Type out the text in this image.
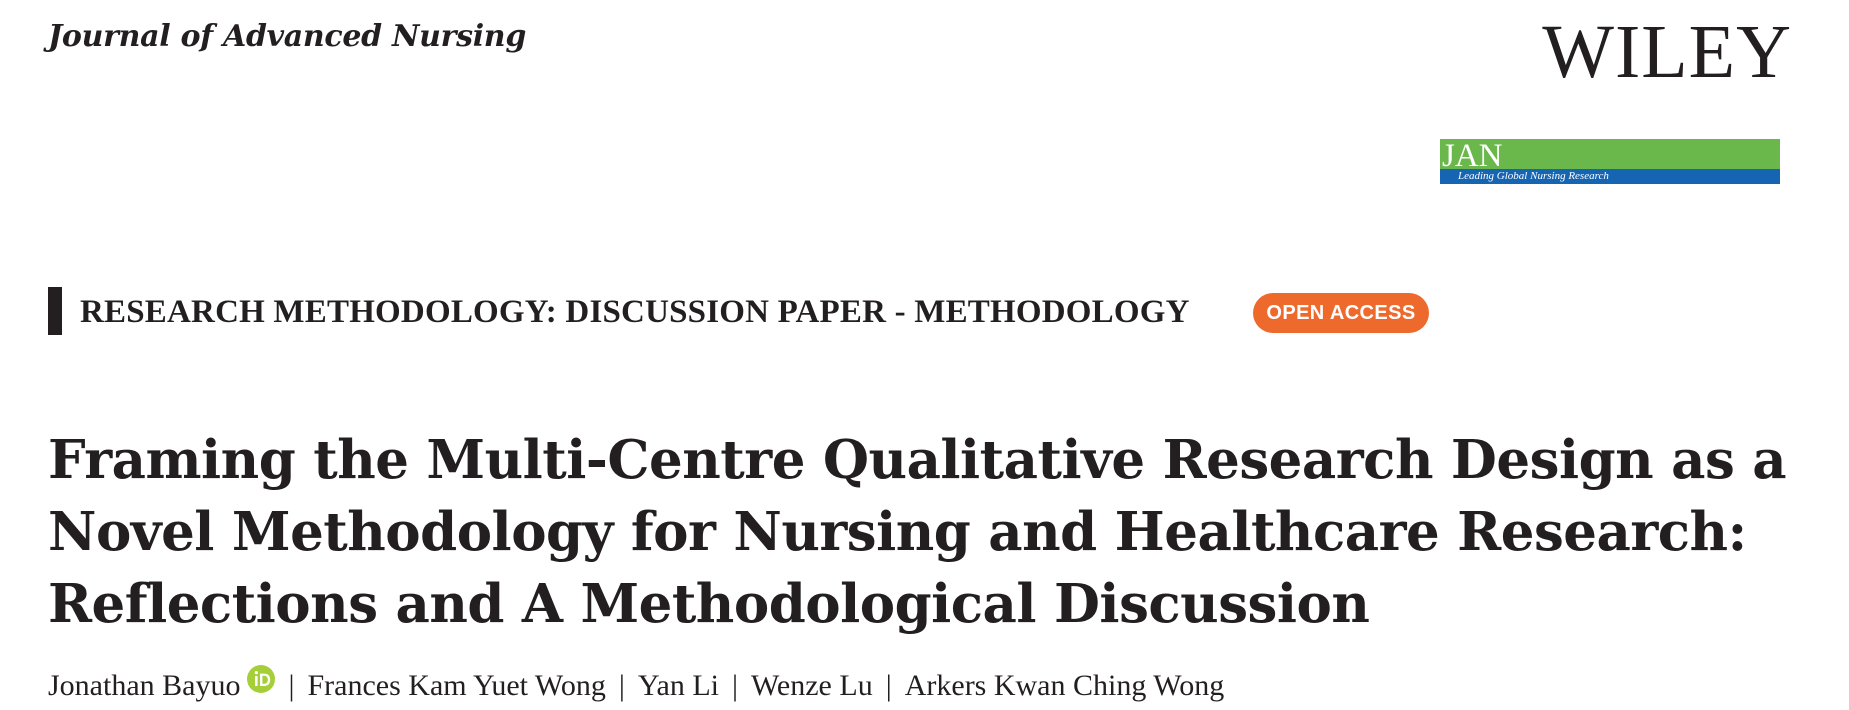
Journal of Advanced Nursing	WILEY
JAN
Leading Global Nursing Research
RESEARCH METHODOLOGY: DISCUSSION PAPER - METHODOLOGY	OPEN ACCESS
Framing the Multi-Centre Qualitative Research Design as a Novel Methodology for Nursing and Healthcare Research: Reflections and A Methodological Discussion
Jonathan Bayuo | Frances Kam Yuet Wong | Yan Li | Wenze Lu | Arkers Kwan Ching Wong
